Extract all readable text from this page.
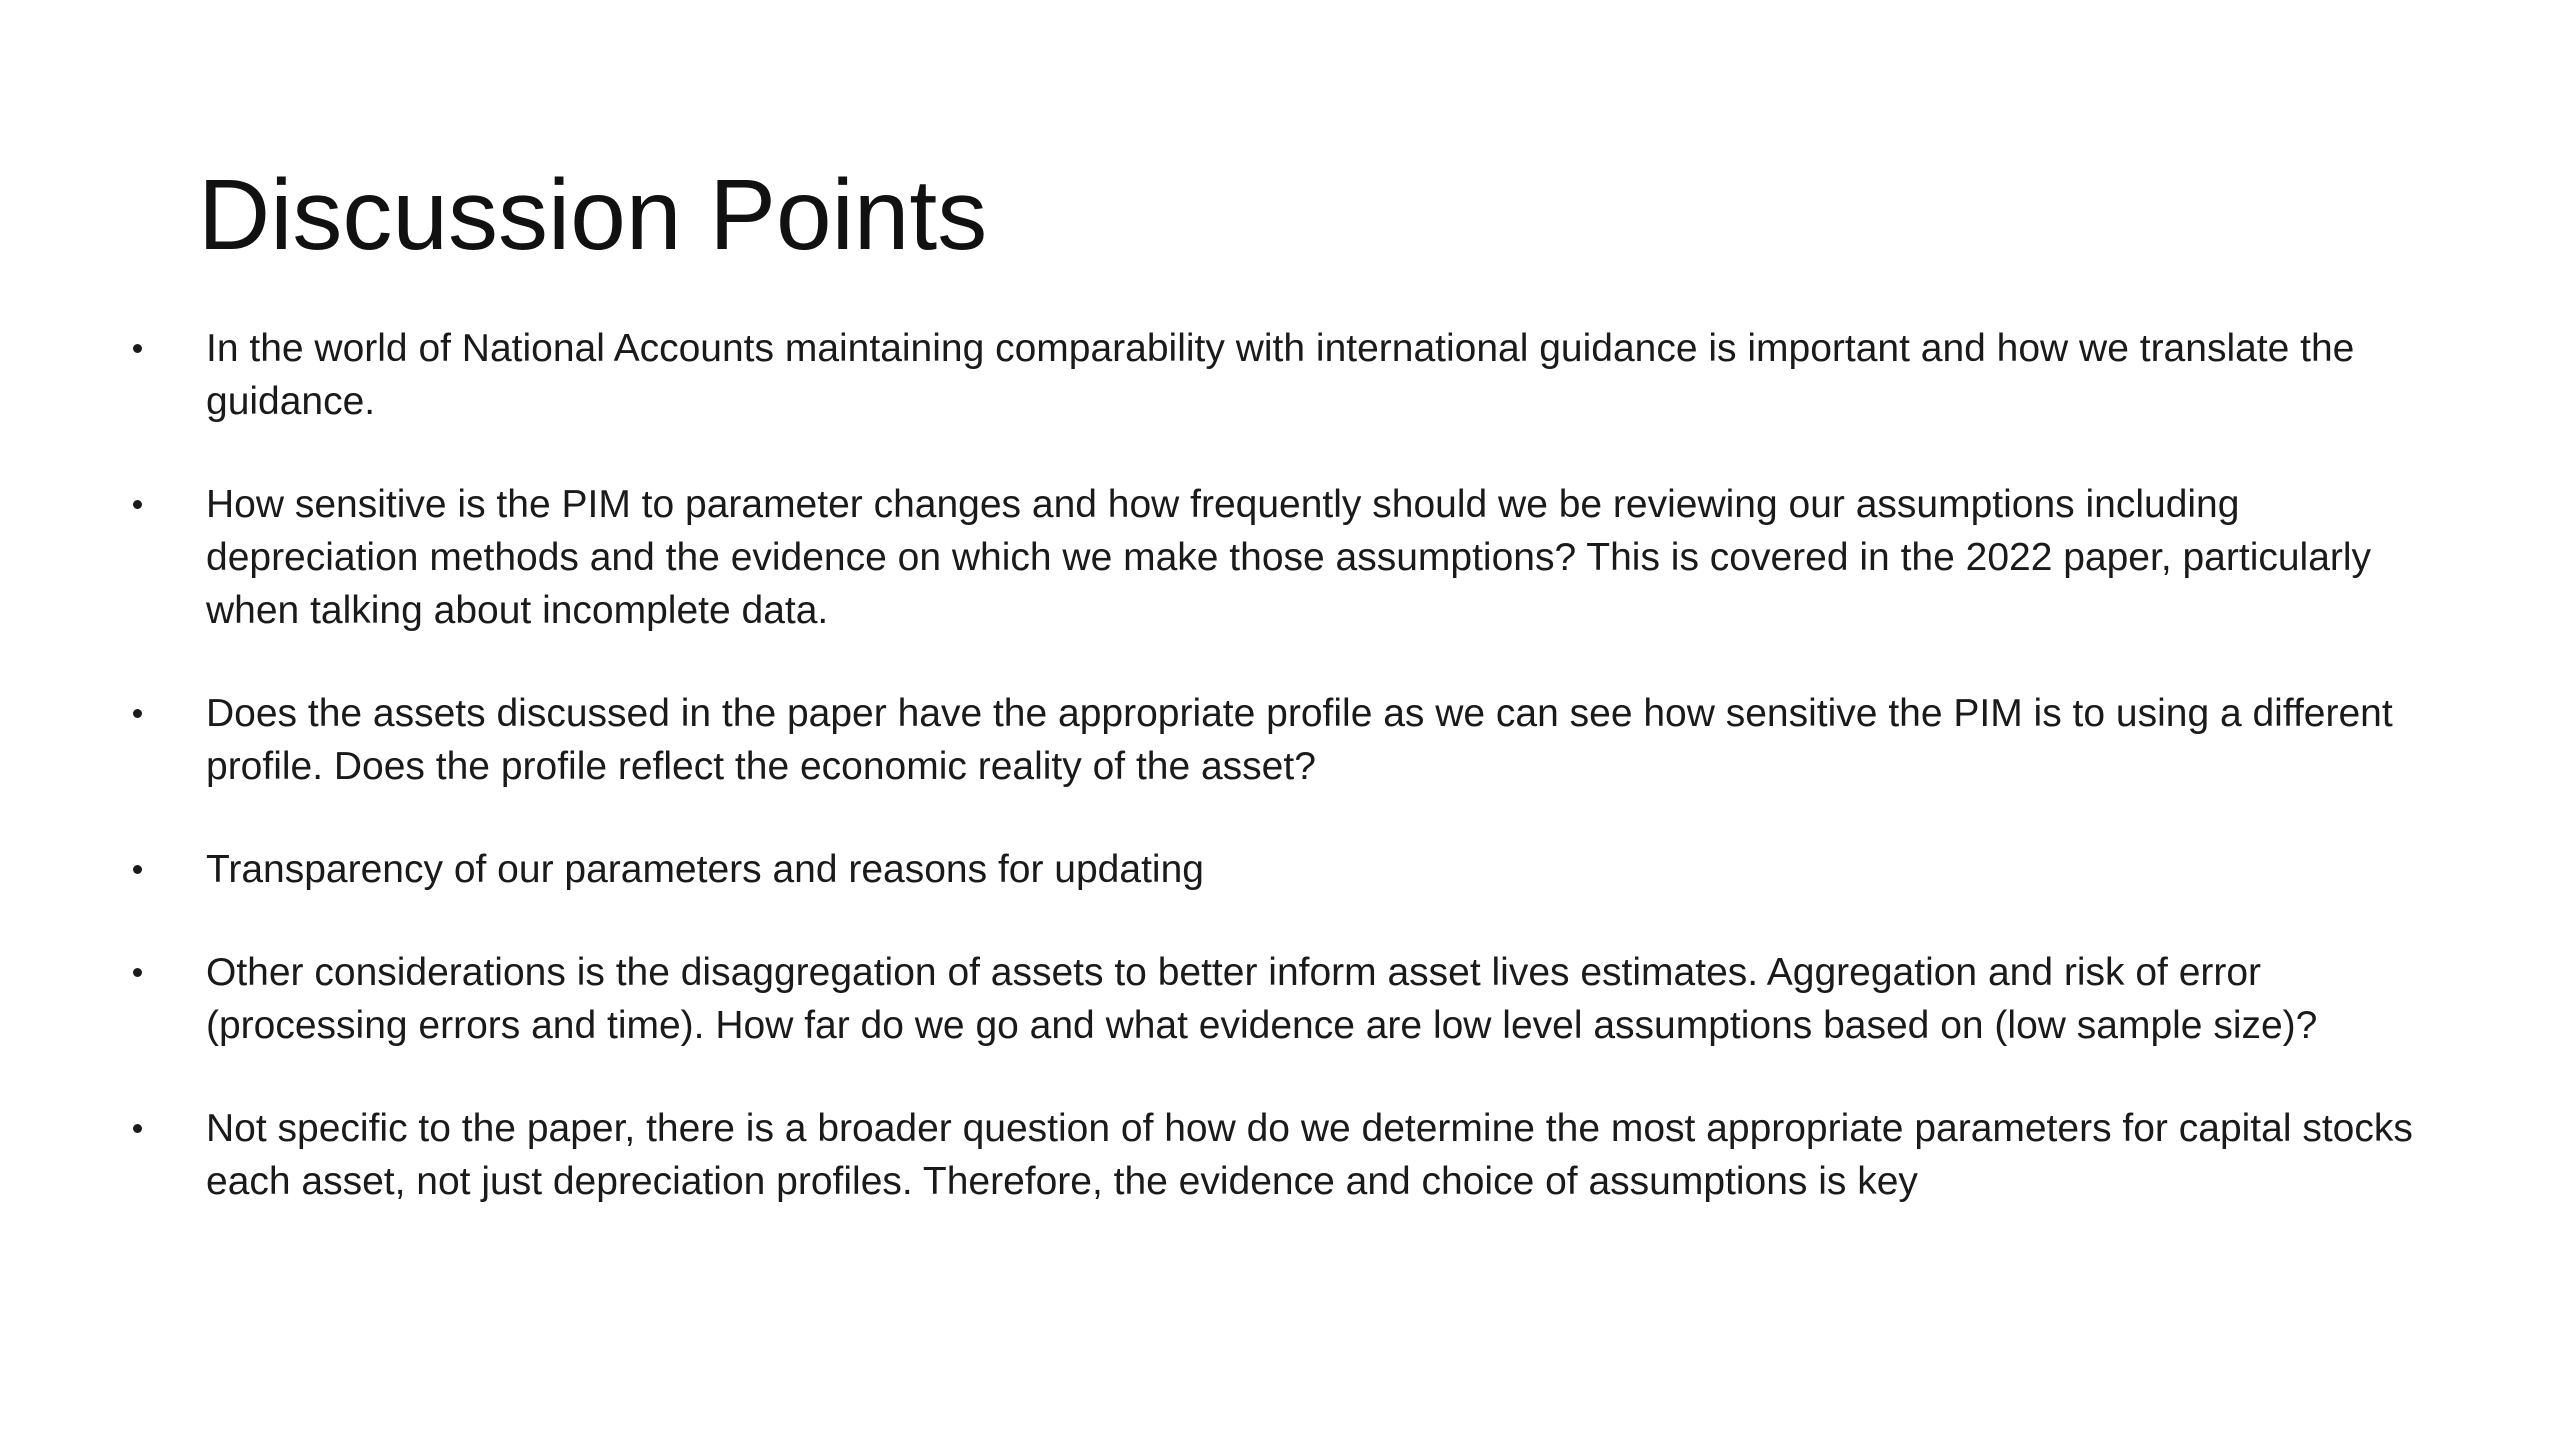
Discussion Points
In the world of National Accounts maintaining comparability with international guidance is important and how we translate the guidance.
How sensitive is the PIM to parameter changes and how frequently should we be reviewing our assumptions including depreciation methods and the evidence on which we make those assumptions? This is covered in the 2022 paper, particularly when talking about incomplete data.
Does the assets discussed in the paper have the appropriate profile as we can see how sensitive the PIM is to using a different profile. Does the profile reflect the economic reality of the asset?
Transparency of our parameters and reasons for updating
Other considerations is the disaggregation of assets to better inform asset lives estimates. Aggregation and risk of error (processing errors and time). How far do we go and what evidence are low level assumptions based on (low sample size)?
Not specific to the paper, there is a broader question of how do we determine the most appropriate parameters for capital stocks each asset, not just depreciation profiles. Therefore, the evidence and choice of assumptions is key
